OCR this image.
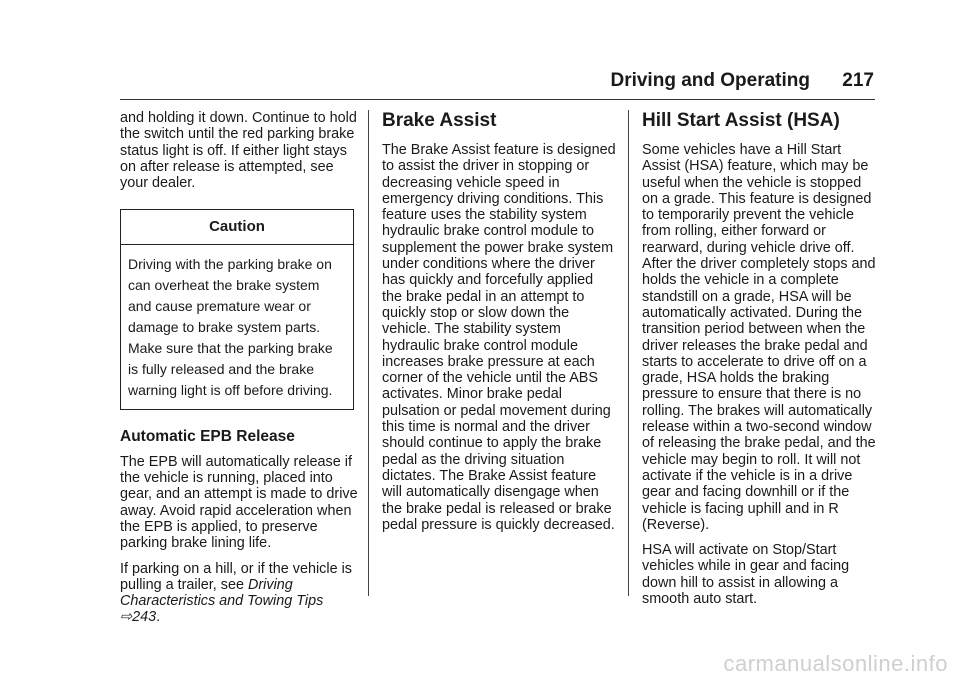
Driving and Operating 217

and holding it down. Continue to hold the switch until the red parking brake status light is off. If either light stays on after release is attempted, see your dealer.

Caution
Driving with the parking brake on can overheat the brake system and cause premature wear or damage to brake system parts. Make sure that the parking brake is fully released and the brake warning light is off before driving.
Automatic EPB Release

The EPB will automatically release if the vehicle is running, placed into gear, and an attempt is made to drive away. Avoid rapid acceleration when the EPB is applied, to preserve parking brake lining life.

If parking on a hill, or if the vehicle is pulling a trailer, see Driving Characteristics and Towing Tips ⇨243.

Brake Assist

The Brake Assist feature is designed to assist the driver in stopping or decreasing vehicle speed in emergency driving conditions. This feature uses the stability system hydraulic brake control module to supplement the power brake system under conditions where the driver has quickly and forcefully applied the brake pedal in an attempt to quickly stop or slow down the vehicle. The stability system hydraulic brake control module increases brake pressure at each corner of the vehicle until the ABS activates. Minor brake pedal pulsation or pedal movement during this time is normal and the driver should continue to apply the brake pedal as the driving situation dictates. The Brake Assist feature will automatically disengage when the brake pedal is released or brake pedal pressure is quickly decreased.

Hill Start Assist (HSA)

Some vehicles have a Hill Start Assist (HSA) feature, which may be useful when the vehicle is stopped on a grade. This feature is designed to temporarily prevent the vehicle from rolling, either forward or rearward, during vehicle drive off. After the driver completely stops and holds the vehicle in a complete standstill on a grade, HSA will be automatically activated. During the transition period between when the driver releases the brake pedal and starts to accelerate to drive off on a grade, HSA holds the braking pressure to ensure that there is no rolling. The brakes will automatically release within a two-second window of releasing the brake pedal, and the vehicle may begin to roll. It will not activate if the vehicle is in a drive gear and facing downhill or if the vehicle is facing uphill and in R (Reverse).

HSA will activate on Stop/Start vehicles while in gear and facing down hill to assist in allowing a smooth auto start.

carmanualsonline.info
